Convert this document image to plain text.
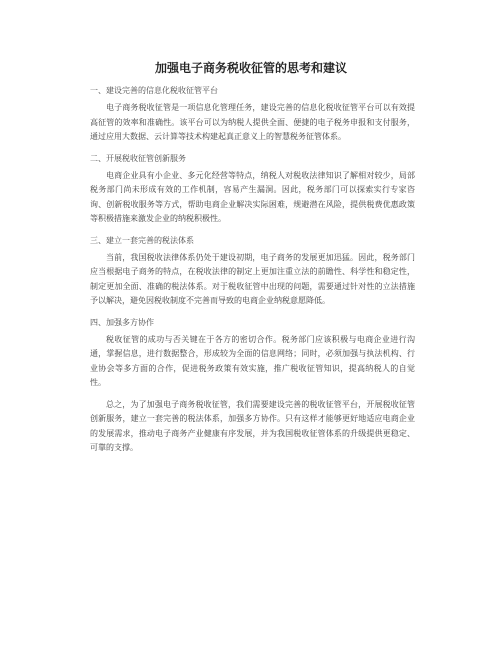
加强电子商务税收征管的思考和建议

一、建设完善的信息化税收征管平台

电子商务税收征管是一项信息化管理任务，建设完善的信息化税收征管平台可以有效提高征管的效率和准确性。该平台可以为纳税人提供全面、便捷的电子税务申报和支付服务，通过应用大数据、云计算等技术构建起真正意义上的智慧税务征管体系。

二、开展税收征管创新服务

电商企业具有小企业、多元化经营等特点，纳税人对税收法律知识了解相对较少，局部税务部门尚未形成有效的工作机制，容易产生漏洞。因此，税务部门可以探索实行专家咨询、创新税收服务等方式，帮助电商企业解决实际困难，规避潜在风险，提供税费优惠政策等积极措施来激发企业的纳税积极性。

三、建立一套完善的税法体系

当前，我国税收法律体系仍处于建设初期，电子商务的发展更加迅猛。因此，税务部门应当根据电子商务的特点，在税收法律的制定上更加注重立法的前瞻性、科学性和稳定性，制定更加全面、准确的税法体系。对于税收征管中出现的问题，需要通过针对性的立法措施予以解决，避免因税收制度不完善而导致的电商企业纳税意愿降低。

四、加强多方协作

税收征管的成功与否关键在于各方的密切合作。税务部门应该积极与电商企业进行沟通，掌握信息，进行数据整合，形成较为全面的信息网络；同时，必须加强与执法机构、行业协会等多方面的合作，促进税务政策有效实施，推广税收征管知识，提高纳税人的自觉性。

总之，为了加强电子商务税收征管，我们需要建设完善的税收征管平台，开展税收征管创新服务，建立一套完善的税法体系，加强多方协作。只有这样才能够更好地适应电商企业的发展需求，推动电子商务产业健康有序发展，并为我国税收征管体系的升级提供更稳定、可靠的支撑。
